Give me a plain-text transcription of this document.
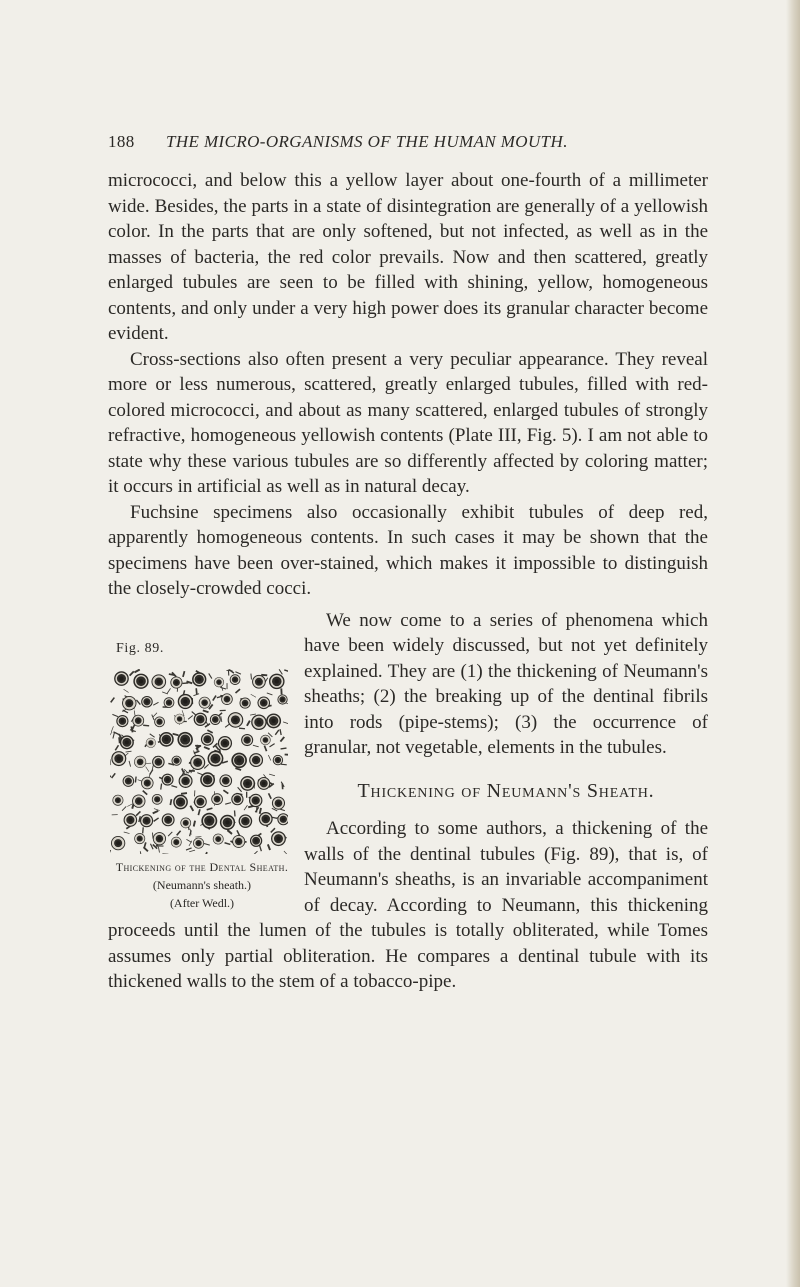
188 THE MICRO-ORGANISMS OF THE HUMAN MOUTH.

micrococci, and below this a yellow layer about one-fourth of a millimeter wide. Besides, the parts in a state of disintegration are generally of a yellowish color. In the parts that are only softened, but not infected, as well as in the masses of bacteria, the red color prevails. Now and then scattered, greatly enlarged tubules are seen to be filled with shining, yellow, homogeneous contents, and only under a very high power does its granular character become evident.

Cross-sections also often present a very peculiar appearance. They reveal more or less numerous, scattered, greatly enlarged tubules, filled with red-colored micrococci, and about as many scattered, enlarged tubules of strongly refractive, homogeneous yellowish contents (Plate III, Fig. 5). I am not able to state why these various tubules are so differently affected by coloring matter; it occurs in artificial as well as in natural decay.

Fuchsine specimens also occasionally exhibit tubules of deep red, apparently homogeneous contents. In such cases it may be shown that the specimens have been over-stained, which makes it impossible to distinguish the closely-crowded cocci.

Fig. 89.
Thickening of the Dental Sheath.
(Neumann's sheath.)
(After Wedl.)

We now come to a series of phenomena which have been widely discussed, but not yet definitely explained. They are (1) the thickening of Neumann's sheaths; (2) the breaking up of the dentinal fibrils into rods (pipe-stems); (3) the occurrence of granular, not vegetable, elements in the tubules.

Thickening of Neumann's Sheath.

According to some authors, a thickening of the walls of the dentinal tubules (Fig. 89), that is, of Neumann's sheaths, is an invariable accompaniment of decay. According to Neumann, this thickening proceeds until the lumen of the tubules is totally obliterated, while Tomes assumes only partial obliteration. He compares a dentinal tubule with its thickened walls to the stem of a tobacco-pipe.
